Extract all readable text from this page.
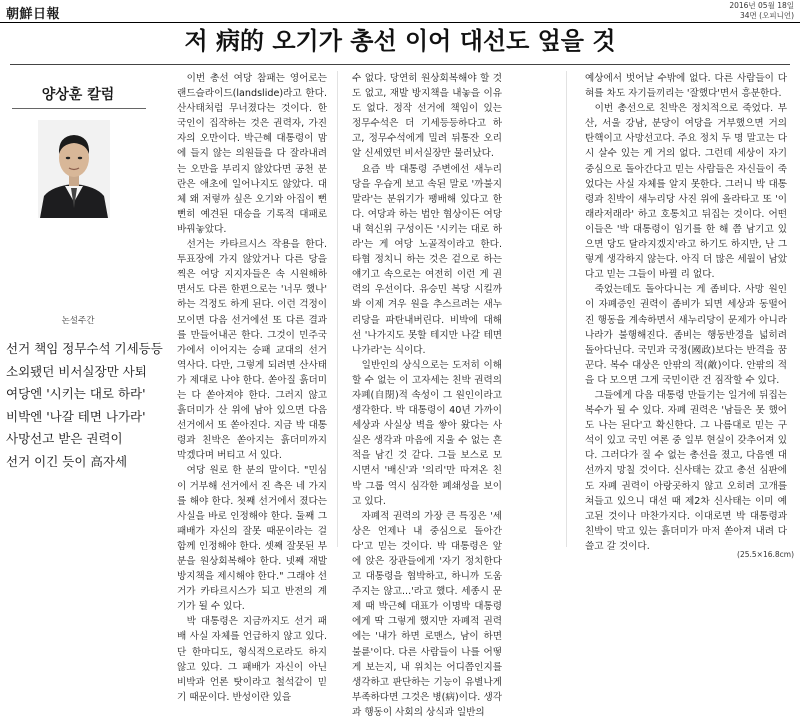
朝鮮日報
2016년 05월 18일
34면 (오피니언)
저 病的 오기가 총선 이어 대선도 엎을 것
양상훈 칼럼
논설주간
선거 책임 정무수석 기세등등
소외됐던 비서실장만 사퇴
여당엔 '시키는 대로 하라'
비박엔 '나갈 테면 나가라'
사망선고 받은 권력이
선거 이긴 듯이 高자세

이번 총선 여당 참패는 영어로는 랜드슬라이드(landslide)라고 한다. 산사태처럼 무너졌다는 것이다. 한국인이 집작하는 것은 권력자, 가진 자의 오만이다. 박근혜 대통령이 맘에 들지 않는 의원들을 다 잘라내려는 오만을 부리지 않았다면 공천 분란은 애초에 일어나지도 않았다. 대체 왜 저렇까 싶은 오기와 아집이 뻔뻔히 예견된 대승을 기록적 대패로 바꿔놓았다.

선거는 카타르시스 작용을 한다. 투표장에 가지 않았거나 다른 당을 찍은 여당 지지자들은 속 시원해하면서도 다른 한편으로는 '너무 했나' 하는 걱정도 하게 된다. 이런 걱정이 모이면 다음 선거에선 또 다른 결과를 만들어내곤 한다. 그것이 민주국가에서 이어지는 승패 교대의 선거 역사다. 다만, 그렇게 되려면 산사태가 제대로 나야 한다. 쏟아질 흙더미는 다 쏟아져야 한다. 그러지 않고 흙더미가 산 위에 남아 있으면 다음 선거에서 또 쏟아진다. 지금 박 대통령과 친박은 쏟아지는 흙더미까지 막겠다며 버티고 서 있다.

여당 원로 한 분의 말이다. "민심이 거부해 선거에서 진 측은 네 가지를 해야 한다. 첫째 선거에서 졌다는 사실을 바로 인정해야 한다. 둘째 그 패배가 자신의 잘못 때문이라는 걸 함께 인정해야 한다. 셋째 잘못된 부분을 원상회복해야 한다. 넷째 재발 방지책을 제시해야 한다." 그래야 선거가 카타르시스가 되고 반전의 계기가 될 수 있다.

박 대통령은 지금까지도 선거 패배 사실 자체를 언급하지 않고 있다. 단 한마디도, 형식적으로라도 하지 않고 있다. 그 패배가 자신이 아닌 비박과 언론 탓이라고 철석같이 믿기 때문이다. 반성이란 있을

수 없다. 당연히 원상회복해야 할 것도 없고, 재발 방지책을 내놓을 이유도 없다. 정작 선거에 책임이 있는 정무수석은 더 기세등등하다고 하고, 정무수석에게 밀려 뒤통잔 오리알 신세였던 비서실장만 물러났다.

요즘 박 대통령 주변에선 새누리당을 우습게 보고 속된 말로 '까불지 말라'는 분위기가 팽배해 있다고 한다. 여당과 하는 법안 협상이든 여당 내 혁신위 구성이든 '시키는 대로 하라'는 게 여당 노골적이라고 한다. 타협 정치니 하는 것은 겉으로 하는 얘기고 속으로는 여전히 이런 게 권력의 우선이다. 유승민 복당 시킬까 봐 이제 겨우 원을 추스르려는 새누리당을 파탄내버린다. 비박에 대해선 '나가지도 못할 테지만 나갈 테면 나가라'는 식이다.

일반인의 상식으로는 도저히 이해할 수 없는 이 고자세는 친박 권력의 자폐(自閉)적 속성이 그 원인이라고 생각한다. 박 대통령이 40년 가까이 세상과 사실상 벽을 쌓아 왔다는 사실은 생각과 마음에 지울 수 없는 흔적을 남긴 것 같다. 그들 보스로 모시면서 '배신'과 '의리'만 따져온 친박 그룹 역시 심각한 폐쇄성을 보이고 있다.

자폐적 권력의 가장 큰 특징은 '세상은 언제나 내 중심으로 돌아간다'고 믿는 것이다. 박 대통령은 앞에 앉은 장관들에게 '자기 정치한다고 대통령을 협박하고, 하니까 도움 주지는 않고...'라고 했다. 세종시 문제 때 박근혜 대표가 이명박 대통령에게 딱 그렇게 했지만 자폐적 권력에는 '내가 하면 로맨스, 남이 하면 불륜'이다. 다른 사람들이 나를 어떻게 보는지, 내 위치는 어디쯤인지를 생각하고 판단하는 기능이 유별나게 부족하다면 그것은 병(病)이다. 생각과 행동이 사회의 상식과 일반의

예상에서 벗어날 수밖에 없다. 다른 사람들이 다 혀를 차도 자기들끼리는 '잘했다'면서 흥분한다.

이번 총선으로 친박은 정치적으로 죽었다. 부산, 서울 강남, 분당이 여당을 거부했으면 거의 탄핵이고 사망선고다. 주요 정치 두 명 말고는 다시 살수 있는 게 거의 없다. 그런데 세상이 자기 중심으로 돌아간다고 믿는 사람들은 자신들이 죽었다는 사실 자체를 알지 못한다. 그러니 박 대통령과 친박이 새누리당 사진 위에 올라타고 또 '이래라저래라' 하고 호통치고 뒤집는 것이다. 어떤 이들은 '박 대통령이 임기를 한 해 쯤 남기고 있으면 당도 달라지겠지'라고 하기도 하지만, 난 그렇게 생각하지 않는다. 아직 더 많은 세월이 남았다고 믿는 그들이 바뀔 리 없다.

죽었는데도 돌아다니는 게 좀비다. 사망 원인이 자폐증인 권력이 좀비가 되면 세상과 동떨어진 행동을 계속하면서 새누리당이 문제가 아니라 나라가 불행해진다. 좀비는 행동반경을 넓히려 돌아다닌다. 국민과 국정(國政)보다는 반격을 꿈꾼다. 복수 대상은 안팎의 적(敵)이다. 안팎의 적을 다 모으면 그게 국민이란 건 짐작할 수 있다.

그들에게 다음 대통령 만들기는 일거에 뒤집는 복수가 될 수 있다. 자폐 권력은 '남들은 못 했어도 나는 된다'고 확신한다. 그 나름대로 믿는 구석이 있고 국민 여론 중 일부 현실이 갖추어져 있다. 그러다가 질 수 없는 총선을 졌고, 다음엔 대선까지 망칠 것이다. 신사태는 갔고 총선 심판에도 자폐 권력이 아랑곳하지 않고 오히려 고개를 쳐들고 있으니 대선 때 제2차 신사태는 이미 예고된 것이나 마찬가지다. 이대로면 박 대통령과 친박이 막고 있는 흙더미가 마저 쏟아져 내려 다 쓸고 갈 것이다.

(25.5×16.8cm)
